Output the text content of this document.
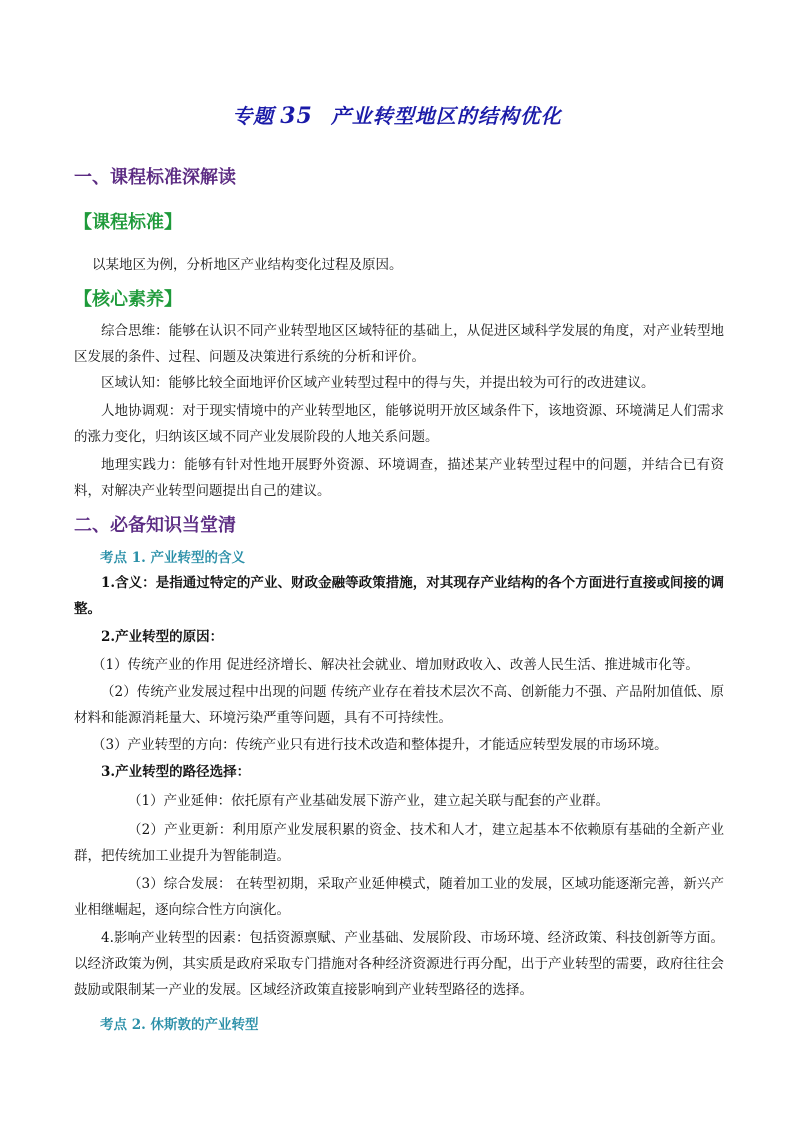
专题 35 产业转型地区的结构优化
一、课程标准深解读
【课程标准】

以某地区为例，分析地区产业结构变化过程及原因。

【核心素养】

综合思维：能够在认识不同产业转型地区区域特征的基础上，从促进区域科学发展的角度，对产业转型地区发展的条件、过程、问题及决策进行系统的分析和评价。

区域认知：能够比较全面地评价区域产业转型过程中的得与失，并提出较为可行的改进建议。

人地协调观：对于现实情境中的产业转型地区，能够说明开放区域条件下，该地资源、环境满足人们需求的涨力变化，归纳该区域不同产业发展阶段的人地关系问题。

地理实践力：能够有针对性地开展野外资源、环境调查，描述某产业转型过程中的问题，并结合已有资料，对解决产业转型问题提出自己的建议。

二、必备知识当堂清
考点 1. 产业转型的含义

1.含义：是指通过特定的产业、财政金融等政策措施，对其现存产业结构的各个方面进行直接或间接的调整。

2.产业转型的原因：

（1）传统产业的作用 促进经济增长、解决社会就业、增加财政收入、改善人民生活、推进城市化等。

（2）传统产业发展过程中出现的问题 传统产业存在着技术层次不高、创新能力不强、产品附加值低、原材料和能源消耗量大、环境污染严重等问题，具有不可持续性。

（3）产业转型的方向：传统产业只有进行技术改造和整体提升，才能适应转型发展的市场环境。

3.产业转型的路径选择：

（1）产业延伸：依托原有产业基础发展下游产业，建立起关联与配套的产业群。

（2）产业更新：利用原产业发展积累的资金、技术和人才，建立起基本不依赖原有基础的全新产业群，把传统加工业提升为智能制造。

（3）综合发展： 在转型初期，采取产业延伸模式，随着加工业的发展，区域功能逐渐完善，新兴产业相继崛起，逐向综合性方向演化。

4.影响产业转型的因素：包括资源禀赋、产业基础、发展阶段、市场环境、经济政策、科技创新等方面。以经济政策为例，其实质是政府采取专门措施对各种经济资源进行再分配，出于产业转型的需要，政府往往会鼓励或限制某一产业的发展。区域经济政策直接影响到产业转型路径的选择。

考点 2. 休斯敦的产业转型
